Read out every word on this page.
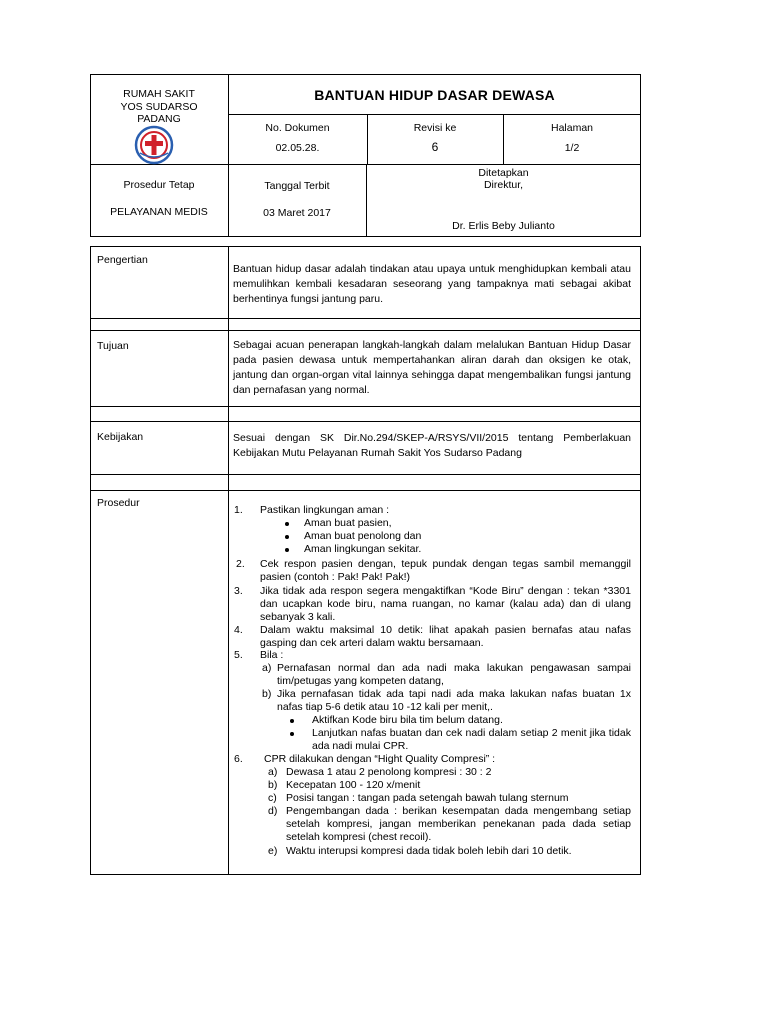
RUMAH SAKIT
YOS SUDARSO
PADANG
BANTUAN HIDUP DASAR DEWASA
No. Dokumen
02.05.28.
Revisi ke
6
Halaman
1/2
Prosedur Tetap
PELAYANAN MEDIS
Tanggal Terbit
03 Maret 2017
Ditetapkan
Direktur,
Dr. Erlis Beby Julianto
Pengertian
Bantuan hidup dasar adalah tindakan atau upaya untuk menghidupkan kembali atau memulihkan kembali kesadaran seseorang yang tampaknya mati sebagai akibat berhentinya fungsi jantung paru.
Tujuan	Sebagai acuan penerapan langkah-langkah dalam melalukan Bantuan Hidup Dasar pada pasien dewasa untuk mempertahankan aliran darah dan oksigen ke otak, jantung dan organ-organ vital lainnya sehingga dapat mengembalikan fungsi jantung dan pernafasan yang normal.
Kebijakan	Sesuai dengan SK Dir.No.294/SKEP-A/RSYS/VII/2015 tentang Pemberlakuan Kebijakan Mutu Pelayanan Rumah Sakit Yos Sudarso Padang
Prosedur
1. Pastikan lingkungan aman :
Aman buat pasien,
Aman buat penolong dan
Aman lingkungan sekitar.
2. Cek respon pasien dengan, tepuk pundak dengan tegas sambil memanggil pasien (contoh : Pak! Pak! Pak!)
3. Jika tidak ada respon segera mengaktifkan “Kode Biru” dengan : tekan *3301 dan ucapkan kode biru, nama ruangan, no kamar (kalau ada) dan di ulang sebanyak 3 kali.
4. Dalam waktu maksimal 10 detik: lihat apakah pasien bernafas atau nafas gasping dan cek arteri dalam waktu bersamaan.
5. Bila :
a) Pernafasan normal dan ada nadi maka lakukan pengawasan sampai tim/petugas yang kompeten datang,
b) Jika pernafasan tidak ada tapi nadi ada maka lakukan nafas buatan 1x nafas tiap 5-6 detik atau 10 -12 kali per menit,.
Aktifkan Kode biru bila tim belum datang.
Lanjutkan nafas buatan dan cek nadi dalam setiap 2 menit jika tidak ada nadi mulai CPR.
6. CPR dilakukan dengan “Hight Quality Compresi” :
a) Dewasa 1 atau 2 penolong kompresi : 30 : 2
b) Kecepatan 100 - 120 x/menit
c) Posisi tangan : tangan pada setengah bawah tulang sternum
d) Pengembangan dada : berikan kesempatan dada mengembang setiap setelah kompresi, jangan memberikan penekanan pada dada setiap setelah kompresi (chest recoil).
e) Waktu interupsi kompresi dada tidak boleh lebih dari 10 detik.
